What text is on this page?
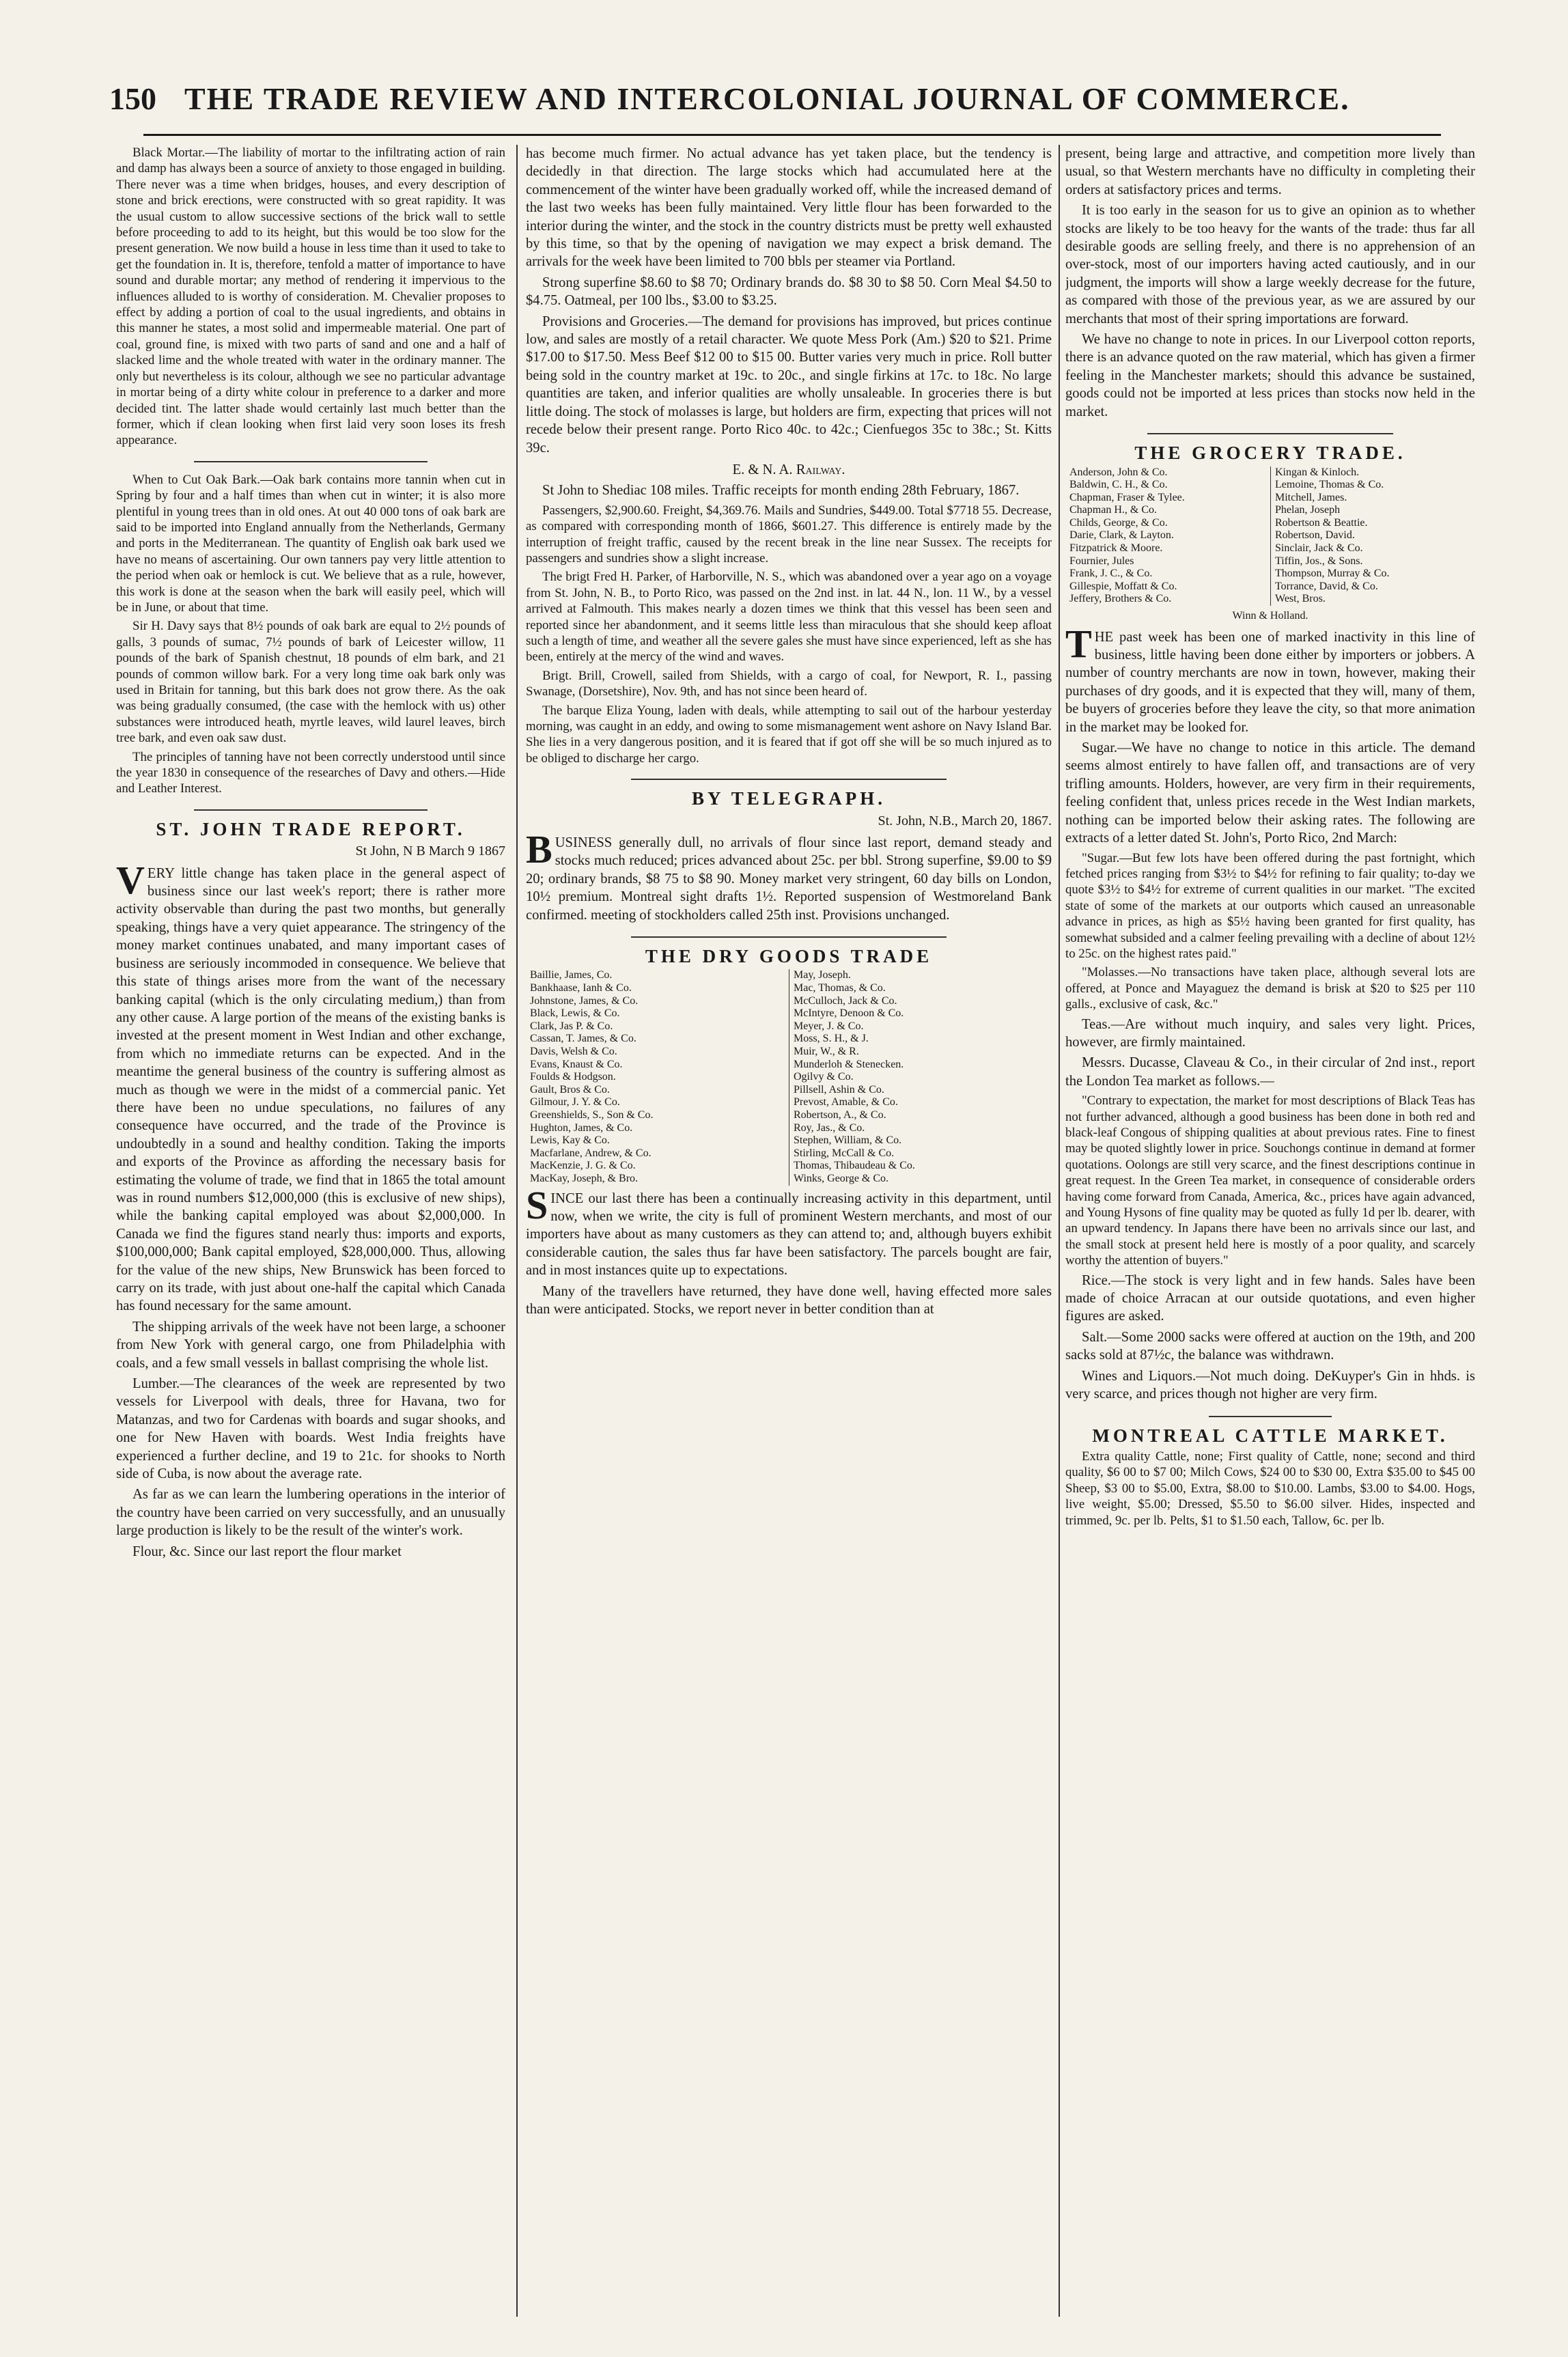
150 THE TRADE REVIEW AND INTERCOLONIAL JOURNAL OF COMMERCE.

Black Mortar.—The liability of mortar to the infiltrating action of rain and damp has always been a source of anxiety to those engaged in building. There never was a time when bridges, houses, and every description of stone and brick erections, were constructed with so great rapidity. It was the usual custom to allow successive sections of the brick wall to settle before proceeding to add to its height, but this would be too slow for the present generation. We now build a house in less time than it used to take to get the foundation in. It is, therefore, tenfold a matter of importance to have sound and durable mortar; any method of rendering it impervious to the influences alluded to is worthy of consideration. M. Chevalier proposes to effect by adding a portion of coal to the usual ingredients, and obtains in this manner he states, a most solid and impermeable material. One part of coal, ground fine, is mixed with two parts of sand and one and a half of slacked lime and the whole treated with water in the ordinary manner. The only but nevertheless is its colour, although we see no particular advantage in mortar being of a dirty white colour in preference to a darker and more decided tint. The latter shade would certainly last much better than the former, which if clean looking when first laid very soon loses its fresh appearance.

When to Cut Oak Bark.—Oak bark contains more tannin when cut in Spring by four and a half times than when cut in winter; it is also more plentiful in young trees than in old ones. At out 40 000 tons of oak bark are said to be imported into England annually from the Netherlands, Germany and ports in the Mediterranean. The quantity of English oak bark used we have no means of ascertaining. Our own tanners pay very little attention to the period when oak or hemlock is cut. We believe that as a rule, however, this work is done at the season when the bark will easily peel, which will be in June, or about that time.

Sir H. Davy says that 8½ pounds of oak bark are equal to 2½ pounds of galls, 3 pounds of sumac, 7½ pounds of bark of Leicester willow, 11 pounds of the bark of Spanish chestnut, 18 pounds of elm bark, and 21 pounds of common willow bark. For a very long time oak bark only was used in Britain for tanning, but this bark does not grow there. As the oak was being gradually consumed, (the case with the hemlock with us) other substances were introduced heath, myrtle leaves, wild laurel leaves, birch tree bark, and even oak saw dust.

The principles of tanning have not been correctly understood until since the year 1830 in consequence of the researches of Davy and others.—Hide and Leather Interest.

ST. JOHN TRADE REPORT.
St John, N B March 9 1867

VERY little change has taken place in the general aspect of business since our last week's report; there is rather more activity observable than during the past two months, but generally speaking, things have a very quiet appearance. The stringency of the money market continues unabated, and many important cases of business are seriously incommoded in consequence. We believe that this state of things arises more from the want of the necessary banking capital (which is the only circulating medium,) than from any other cause. A large portion of the means of the existing banks is invested at the present moment in West Indian and other exchange, from which no immediate returns can be expected. And in the meantime the general business of the country is suffering almost as much as though we were in the midst of a commercial panic. Yet there have been no undue speculations, no failures of any consequence have occurred, and the trade of the Province is undoubtedly in a sound and healthy condition. Taking the imports and exports of the Province as affording the necessary basis for estimating the volume of trade, we find that in 1865 the total amount was in round numbers $12,000,000 (this is exclusive of new ships), while the banking capital employed was about $2,000,000. In Canada we find the figures stand nearly thus: imports and exports, $100,000,000; Bank capital employed, $28,000,000. Thus, allowing for the value of the new ships, New Brunswick has been forced to carry on its trade, with just about one-half the capital which Canada has found necessary for the same amount.

The shipping arrivals of the week have not been large, a schooner from New York with general cargo, one from Philadelphia with coals, and a few small vessels in ballast comprising the whole list.

Lumber.—The clearances of the week are represented by two vessels for Liverpool with deals, three for Havana, two for Matanzas, and two for Cardenas with boards and sugar shooks, and one for New Haven with boards. West India freights have experienced a further decline, and 19 to 21c. for shooks to North side of Cuba, is now about the average rate.

As far as we can learn the lumbering operations in the interior of the country have been carried on very successfully, and an unusually large production is likely to be the result of the winter's work.

Flour, &c. Since our last report the flour market

has become much firmer. No actual advance has yet taken place, but the tendency is decidedly in that direction. The large stocks which had accumulated here at the commencement of the winter have been gradually worked off, while the increased demand of the last two weeks has been fully maintained. Very little flour has been forwarded to the interior during the winter, and the stock in the country districts must be pretty well exhausted by this time, so that by the opening of navigation we may expect a brisk demand. The arrivals for the week have been limited to 700 bbls per steamer via Portland.

Strong superfine $8.60 to $8 70; Ordinary brands do. $8 30 to $8 50. Corn Meal $4.50 to $4.75. Oatmeal, per 100 lbs., $3.00 to $3.25.

Provisions and Groceries.—The demand for provisions has improved, but prices continue low, and sales are mostly of a retail character. We quote Mess Pork (Am.) $20 to $21. Prime $17.00 to $17.50. Mess Beef $12 00 to $15 00. Butter varies very much in price. Roll butter being sold in the country market at 19c. to 20c., and single firkins at 17c. to 18c. No large quantities are taken, and inferior qualities are wholly unsaleable. In groceries there is but little doing. The stock of molasses is large, but holders are firm, expecting that prices will not recede below their present range. Porto Rico 40c. to 42c.; Cienfuegos 35c to 38c.; St. Kitts 39c.

E. & N. A. Railway.

St John to Shediac 108 miles. Traffic receipts for month ending 28th February, 1867.

Passengers, $2,900.60. Freight, $4,369.76. Mails and Sundries, $449.00. Total $7718 55. Decrease, as compared with corresponding month of 1866, $601.27. This difference is entirely made by the interruption of freight traffic, caused by the recent break in the line near Sussex. The receipts for passengers and sundries show a slight increase.

The brigt Fred H. Parker, of Harborville, N. S., which was abandoned over a year ago on a voyage from St. John, N. B., to Porto Rico, was passed on the 2nd inst. in lat. 44 N., lon. 11 W., by a vessel arrived at Falmouth. This makes nearly a dozen times we think that this vessel has been seen and reported since her abandonment, and it seems little less than miraculous that she should keep afloat such a length of time, and weather all the severe gales she must have since experienced, left as she has been, entirely at the mercy of the wind and waves.

Brigt. Brill, Crowell, sailed from Shields, with a cargo of coal, for Newport, R. I., passing Swanage, (Dorsetshire), Nov. 9th, and has not since been heard of.

The barque Eliza Young, laden with deals, while attempting to sail out of the harbour yesterday morning, was caught in an eddy, and owing to some mismanagement went ashore on Navy Island Bar. She lies in a very dangerous position, and it is feared that if got off she will be so much injured as to be obliged to discharge her cargo.

BY TELEGRAPH.
St. John, N.B., March 20, 1867.

BUSINESS generally dull, no arrivals of flour since last report, demand steady and stocks much reduced; prices advanced about 25c. per bbl. Strong superfine, $9.00 to $9 20; ordinary brands, $8 75 to $8 90. Money market very stringent, 60 day bills on London, 10½ premium. Montreal sight drafts 1½. Reported suspension of Westmoreland Bank confirmed. meeting of stockholders called 25th inst. Provisions unchanged.

THE DRY GOODS TRADE
Baillie, James, Co.
Bankhaase, Ianh & Co.
Johnstone, James, & Co.
Black, Lewis, & Co.
Clark, Jas P. & Co.
Cassan, T. James, & Co.
Davis, Welsh & Co.
Evans, Knaust & Co.
Foulds & Hodgson.
Gault, Bros & Co.
Gilmour, J. Y. & Co.
Greenshields, S., Son & Co.
Hughton, James, & Co.
Lewis, Kay & Co.
Macfarlane, Andrew, & Co.
MacKenzie, J. G. & Co.
MacKay, Joseph, & Bro.
May, Joseph.
Mac, Thomas, & Co.
McCulloch, Jack & Co.
McIntyre, Denoon & Co.
Meyer, J. & Co.
Moss, S. H., & J.
Muir, W., & R.
Munderloh & Stenecken.
Ogilvy & Co.
Pillsell, Ashin & Co.
Prevost, Amable, & Co.
Robertson, A., & Co.
Roy, Jas., & Co.
Stephen, William, & Co.
Stirling, McCall & Co.
Thomas, Thibaudeau & Co.
Winks, George & Co.

SINCE our last there has been a continually increasing activity in this department, until now, when we write, the city is full of prominent Western merchants, and most of our importers have about as many customers as they can attend to; and, although buyers exhibit considerable caution, the sales thus far have been satisfactory. The parcels bought are fair, and in most instances quite up to expectations.

Many of the travellers have returned, they have done well, having effected more sales than were anticipated. Stocks, we report never in better condition than at

present, being large and attractive, and competition more lively than usual, so that Western merchants have no difficulty in completing their orders at satisfactory prices and terms.

It is too early in the season for us to give an opinion as to whether stocks are likely to be too heavy for the wants of the trade: thus far all desirable goods are selling freely, and there is no apprehension of an over-stock, most of our importers having acted cautiously, and in our judgment, the imports will show a large weekly decrease for the future, as compared with those of the previous year, as we are assured by our merchants that most of their spring importations are forward.

We have no change to note in prices. In our Liverpool cotton reports, there is an advance quoted on the raw material, which has given a firmer feeling in the Manchester markets; should this advance be sustained, goods could not be imported at less prices than stocks now held in the market.

THE GROCERY TRADE.
Anderson, John & Co.
Baldwin, C. H., & Co.
Chapman, Fraser & Tylee.
Chapman H., & Co.
Childs, George, & Co.
Darie, Clark, & Layton.
Fitzpatrick & Moore.
Fournier, Jules
Frank, J. C., & Co.
Gillespie, Moffatt & Co.
Jeffery, Brothers & Co.
Kingan & Kinloch.
Lemoine, Thomas & Co.
Mitchell, James.
Phelan, Joseph
Robertson & Beattie.
Robertson, David.
Sinclair, Jack & Co.
Tiffin, Jos., & Sons.
Thompson, Murray & Co.
Torrance, David, & Co.
West, Bros.
Winn & Holland.

THE past week has been one of marked inactivity in this line of business, little having been done either by importers or jobbers. A number of country merchants are now in town, however, making their purchases of dry goods, and it is expected that they will, many of them, be buyers of groceries before they leave the city, so that more animation in the market may be looked for.

Sugar.—We have no change to notice in this article. The demand seems almost entirely to have fallen off, and transactions are of very trifling amounts. Holders, however, are very firm in their requirements, feeling confident that, unless prices recede in the West Indian markets, nothing can be imported below their asking rates. The following are extracts of a letter dated St. John's, Porto Rico, 2nd March:

"Sugar.—But few lots have been offered during the past fortnight, which fetched prices ranging from $3½ to $4½ for refining to fair quality; to-day we quote $3½ to $4½ for extreme of current qualities in our market. "The excited state of some of the markets at our outports which caused an unreasonable advance in prices, as high as $5½ having been granted for first quality, has somewhat subsided and a calmer feeling prevailing with a decline of about 12½ to 25c. on the highest rates paid."

"Molasses.—No transactions have taken place, although several lots are offered, at Ponce and Mayaguez the demand is brisk at $20 to $25 per 110 galls., exclusive of cask, &c."

Teas.—Are without much inquiry, and sales very light. Prices, however, are firmly maintained.

Messrs. Ducasse, Claveau & Co., in their circular of 2nd inst., report the London Tea market as follows.—

"Contrary to expectation, the market for most descriptions of Black Teas has not further advanced, although a good business has been done in both red and black-leaf Congous of shipping qualities at about previous rates. Fine to finest may be quoted slightly lower in price. Souchongs continue in demand at former quotations. Oolongs are still very scarce, and the finest descriptions continue in great request. In the Green Tea market, in consequence of considerable orders having come forward from Canada, America, &c., prices have again advanced, and Young Hysons of fine quality may be quoted as fully 1d per lb. dearer, with an upward tendency. In Japans there have been no arrivals since our last, and the small stock at present held here is mostly of a poor quality, and scarcely worthy the attention of buyers."

Rice.—The stock is very light and in few hands. Sales have been made of choice Arracan at our outside quotations, and even higher figures are asked.

Salt.—Some 2000 sacks were offered at auction on the 19th, and 200 sacks sold at 87½c, the balance was withdrawn.

Wines and Liquors.—Not much doing. DeKuyper's Gin in hhds. is very scarce, and prices though not higher are very firm.

MONTREAL CATTLE MARKET.

Extra quality Cattle, none; First quality of Cattle, none; second and third quality, $6 00 to $7 00; Milch Cows, $24 00 to $30 00, Extra $35.00 to $45 00 Sheep, $3 00 to $5.00, Extra, $8.00 to $10.00. Lambs, $3.00 to $4.00. Hogs, live weight, $5.00; Dressed, $5.50 to $6.00 silver. Hides, inspected and trimmed, 9c. per lb. Pelts, $1 to $1.50 each, Tallow, 6c. per lb.
